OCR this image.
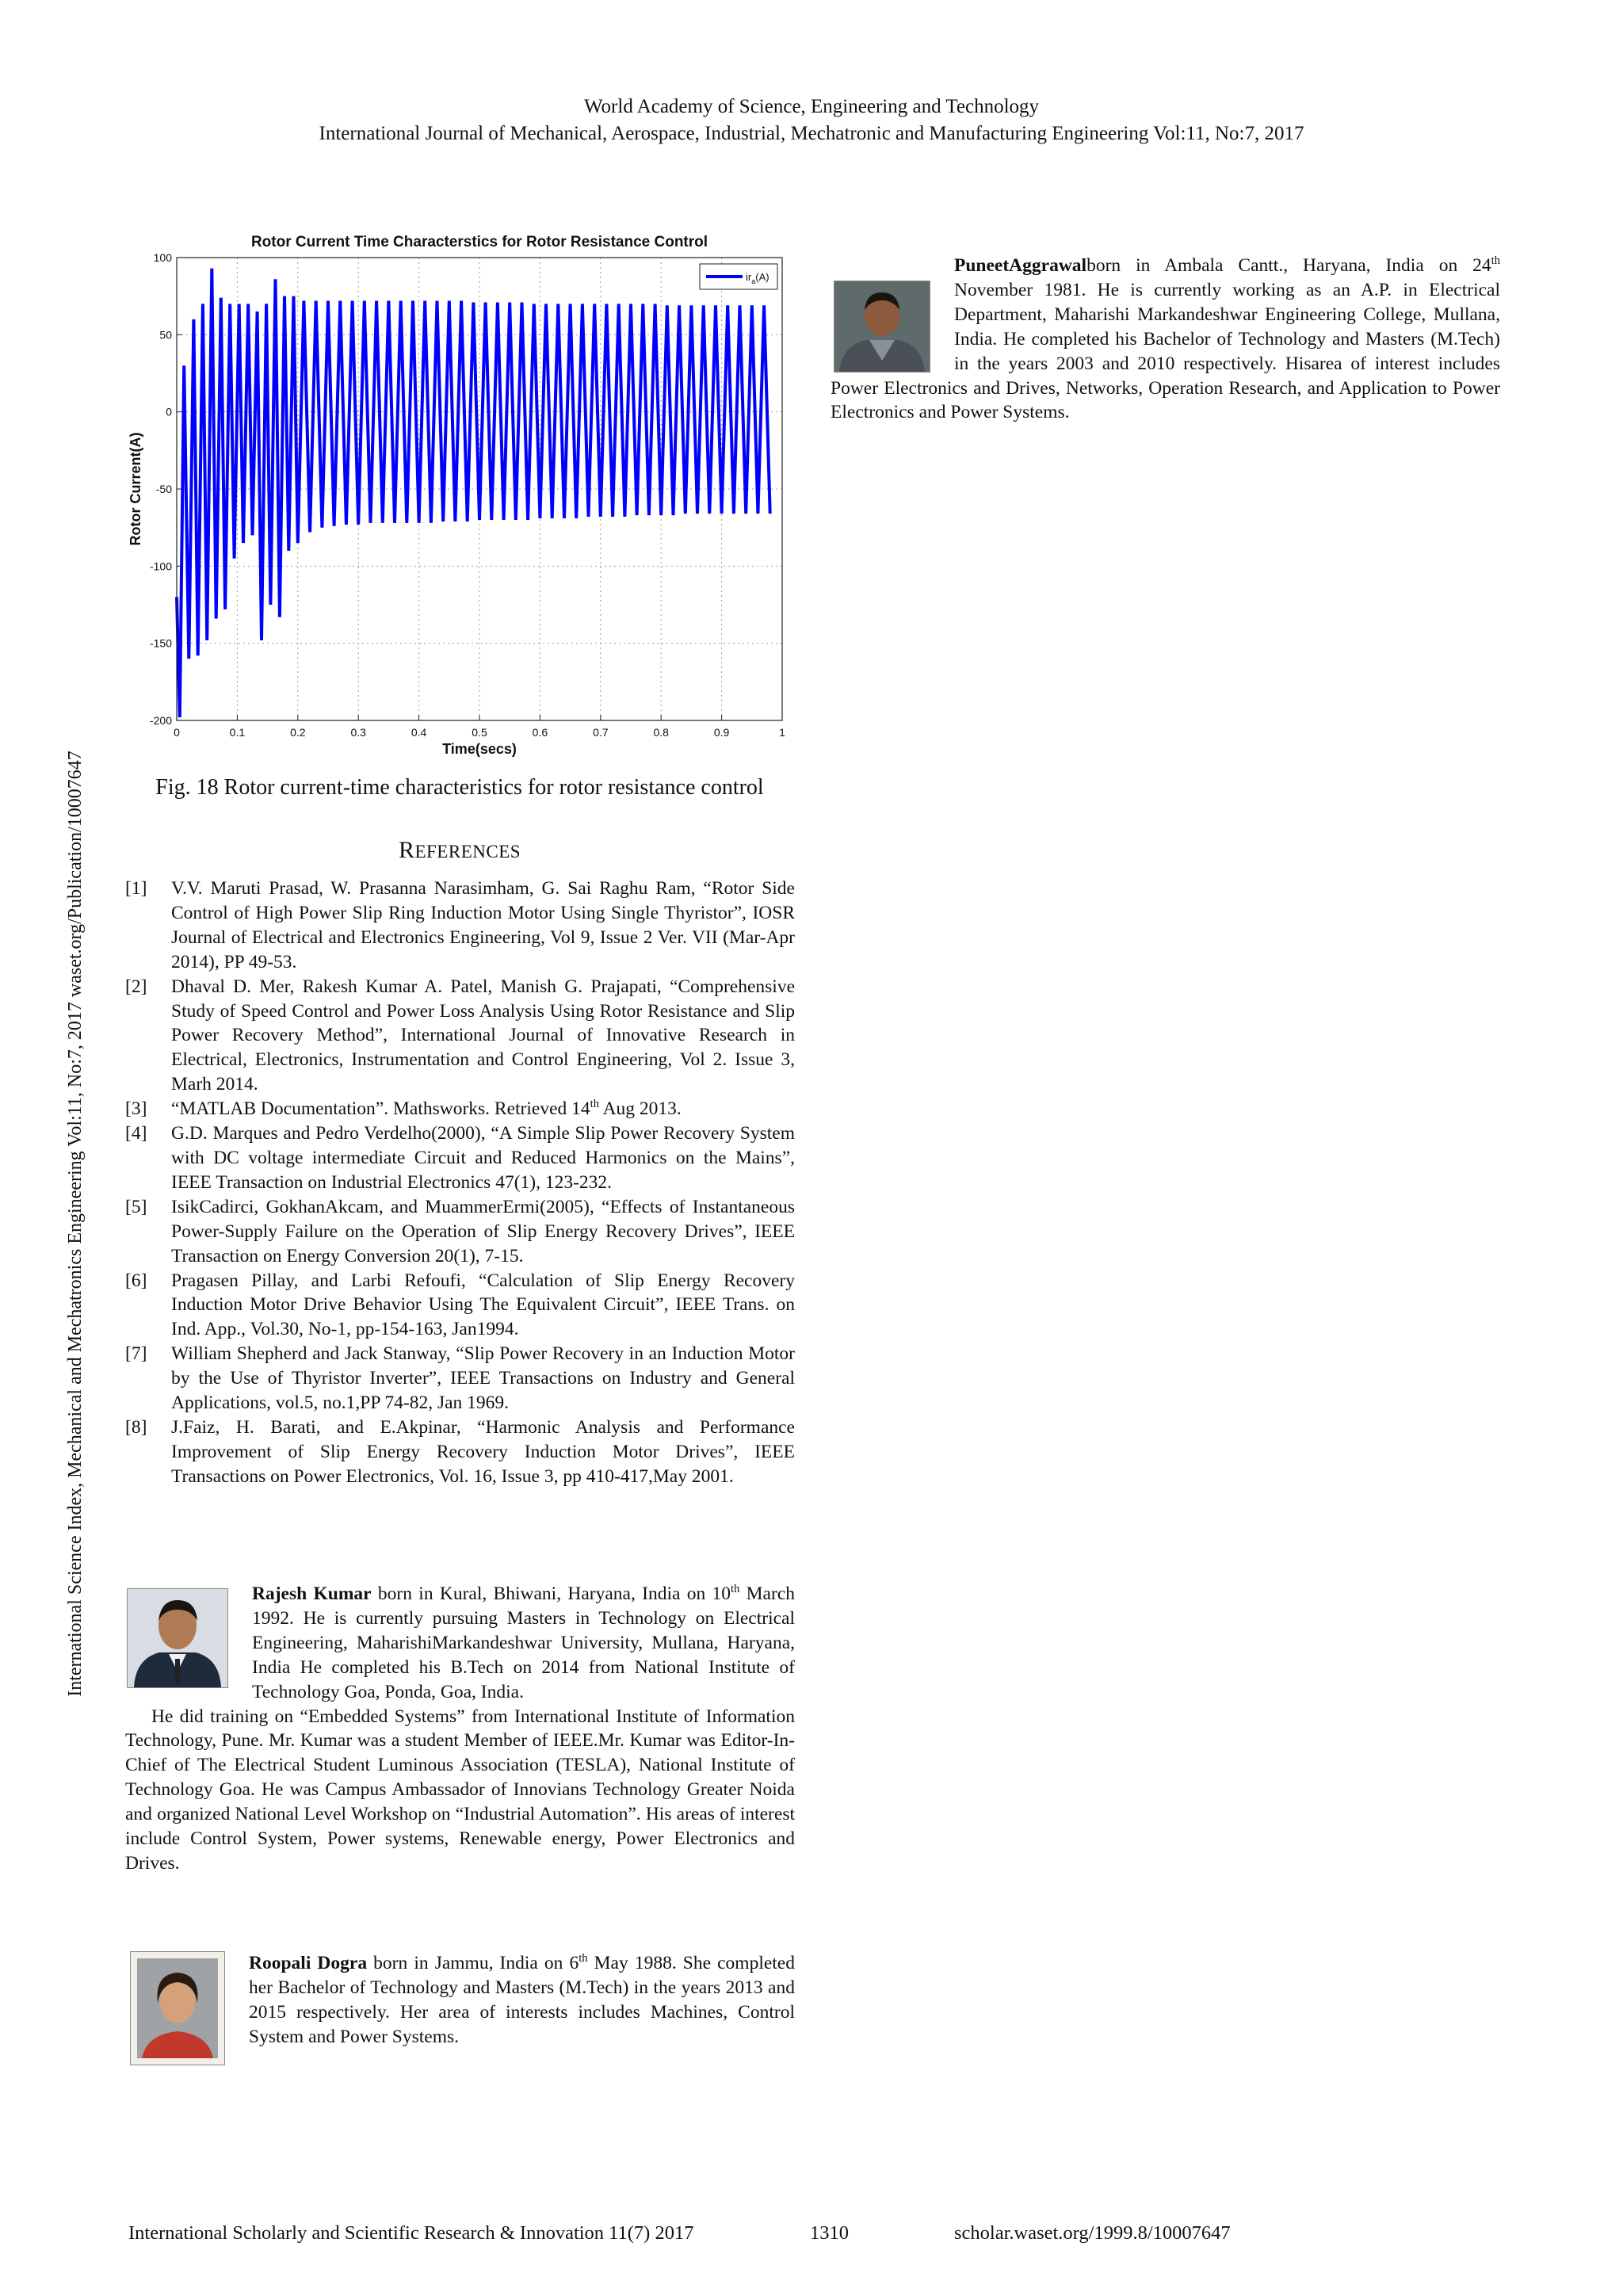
World Academy of Science, Engineering and Technology
International Journal of Mechanical, Aerospace, Industrial, Mechatronic and Manufacturing Engineering Vol:11, No:7, 2017
International Science Index, Mechanical and Mechatronics Engineering Vol:11, No:7, 2017 waset.org/Publication/10007647
0	0.1	0.2	0.3	0.4	0.5	0.6	0.7	0.8	0.9	1
100
50
0
-50
-100
-150
-200
Rotor Current Time Characterstics for Rotor Resistance Control
Time(secs)
Rotor Current(A)
$ir_a(A)$
Fig. 18 Rotor current-time characteristics for rotor resistance control
REFERENCES
[1]	V.V. Maruti Prasad, W. Prasanna Narasimham, G. Sai Raghu Ram, “Rotor Side Control of High Power Slip Ring Induction Motor Using Single Thyristor”, IOSR Journal of Electrical and Electronics Engineering, Vol 9, Issue 2 Ver. VII (Mar-Apr 2014), PP 49-53.
[2]	Dhaval D. Mer, Rakesh Kumar A. Patel, Manish G. Prajapati, “Comprehensive Study of Speed Control and Power Loss Analysis Using Rotor Resistance and Slip Power Recovery Method”, International Journal of Innovative Research in Electrical, Electronics, Instrumentation and Control Engineering, Vol 2. Issue 3, Marh 2014.
[3]	“MATLAB Documentation”. Mathsworks. Retrieved 14th Aug 2013.
[4]	G.D. Marques and Pedro Verdelho(2000), “A Simple Slip Power Recovery System with DC voltage intermediate Circuit and Reduced Harmonics on the Mains”, IEEE Transaction on Industrial Electronics 47(1), 123-232.
[5]	IsikCadirci, GokhanAkcam, and MuammerErmi(2005), “Effects of Instantaneous Power-Supply Failure on the Operation of Slip Energy Recovery Drives”, IEEE Transaction on Energy Conversion 20(1), 7-15.
[6]	Pragasen Pillay, and Larbi Refoufi, “Calculation of Slip Energy Recovery Induction Motor Drive Behavior Using The Equivalent Circuit”, IEEE Trans. on Ind. App., Vol.30, No-1, pp-154-163, Jan1994.
[7]	William Shepherd and Jack Stanway, “Slip Power Recovery in an Induction Motor by the Use of Thyristor Inverter”, IEEE Transactions on Industry and General Applications, vol.5, no.1,PP 74-82, Jan 1969.
[8]	J.Faiz, H. Barati, and E.Akpinar, “Harmonic Analysis and Performance Improvement of Slip Energy Recovery Induction Motor Drives”, IEEE Transactions on Power Electronics, Vol. 16, Issue 3, pp 410-417,May 2001.

Rajesh Kumar born in Kural, Bhiwani, Haryana, India on 10th March 1992. He is currently pursuing Masters in Technology on Electrical Engineering, MaharishiMarkandeshwar University, Mullana, Haryana, India He completed his B.Tech on 2014 from National Institute of Technology Goa, Ponda, Goa, India.

He did training on “Embedded Systems” from International Institute of Information Technology, Pune. Mr. Kumar was a student Member of IEEE.Mr. Kumar was Editor-In-Chief of The Electrical Student Luminous Association (TESLA), National Institute of Technology Goa. He was Campus Ambassador of Innovians Technology Greater Noida and organized National Level Workshop on “Industrial Automation”. His areas of interest include Control System, Power systems, Renewable energy, Power Electronics and Drives.

Roopali Dogra born in Jammu, India on 6th May 1988. She completed her Bachelor of Technology and Masters (M.Tech) in the years 2013 and 2015 respectively. Her area of interests includes Machines, Control System and Power Systems.

PuneetAggrawalborn in Ambala Cantt., Haryana, India on 24th November 1981. He is currently working as an A.P. in Electrical Department, Maharishi Markandeshwar Engineering College, Mullana, India. He completed his Bachelor of Technology and Masters (M.Tech) in the years 2003 and 2010 respectively. Hisarea of interest includes Power Electronics and Drives, Networks, Operation Research, and Application to Power Electronics and Power Systems.

International Scholarly and Scientific Research & Innovation 11(7) 2017	1310	scholar.waset.org/1999.8/10007647
